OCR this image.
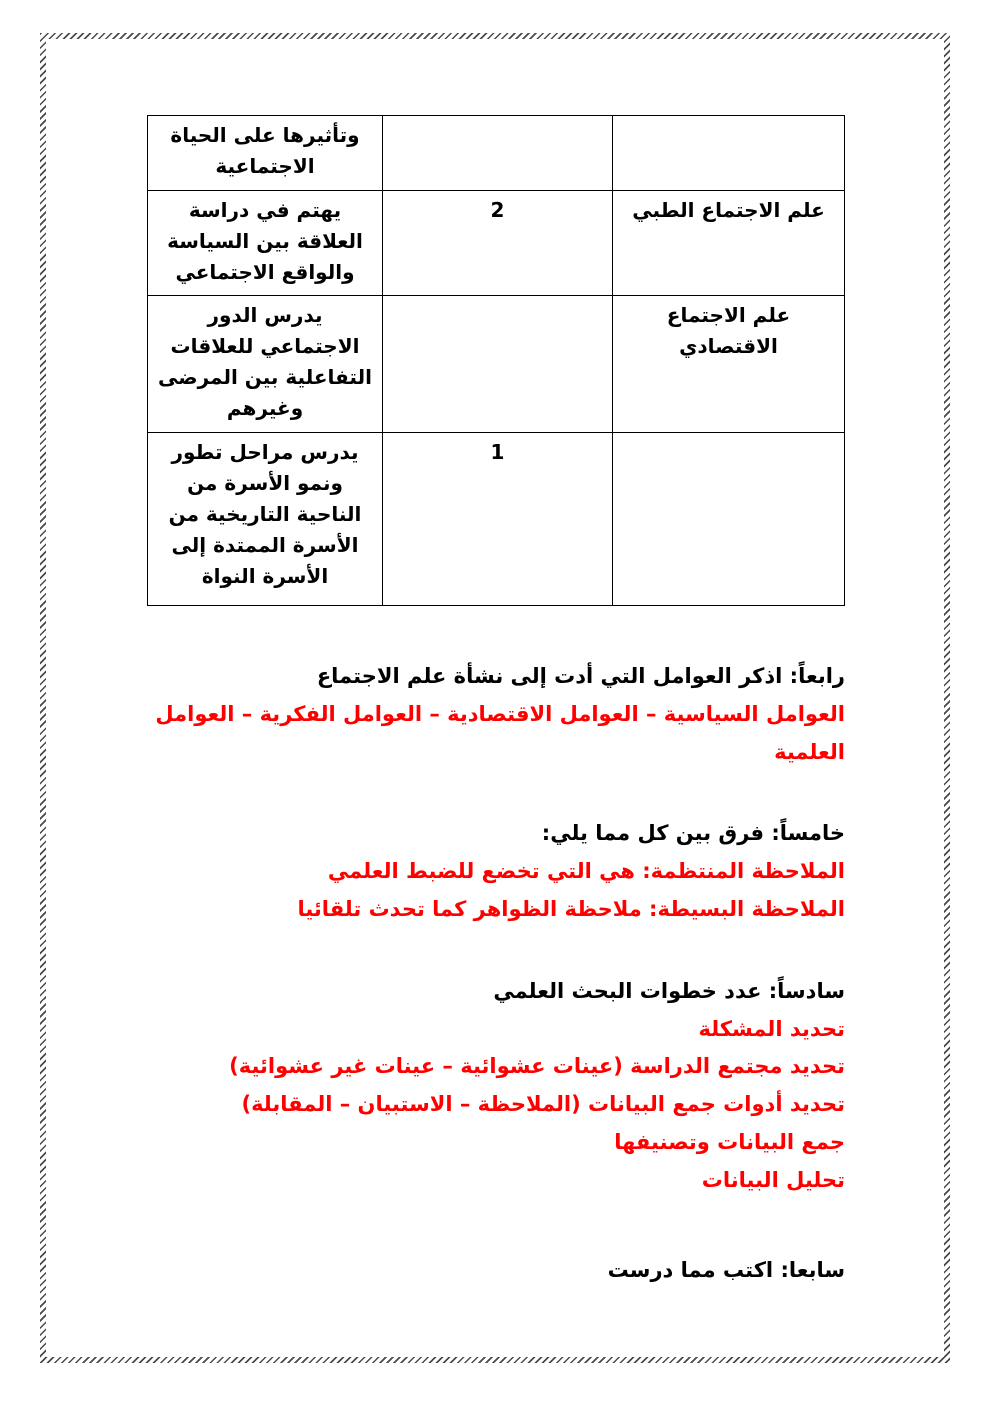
		وتأثيرها على الحياة الاجتماعية
علم الاجتماع الطبي	2	يهتم في دراسة العلاقة بين السياسة والواقع الاجتماعي
علم الاجتماع الاقتصادي		يدرس الدور الاجتماعي للعلاقات التفاعلية بين المرضى وغيرهم
	1	يدرس مراحل تطور ونمو الأسرة من الناحية التاريخية من الأسرة الممتدة إلى الأسرة النواة

رابعاً: اذكر العوامل التي أدت إلى نشأة علم الاجتماع

العوامل السياسية – العوامل الاقتصادية – العوامل الفكرية – العوامل العلمية

خامساً: فرق بين كل مما يلي:

الملاحظة المنتظمة: هي التي تخضع للضبط العلمي

الملاحظة البسيطة: ملاحظة الظواهر كما تحدث تلقائيا

سادساً: عدد خطوات البحث العلمي

تحديد المشكلة

تحديد مجتمع الدراسة (عينات عشوائية – عينات غير عشوائية)

تحديد أدوات جمع البيانات (الملاحظة – الاستبيان – المقابلة)

جمع البيانات وتصنيفها

تحليل البيانات

سابعا: اكتب مما درست
